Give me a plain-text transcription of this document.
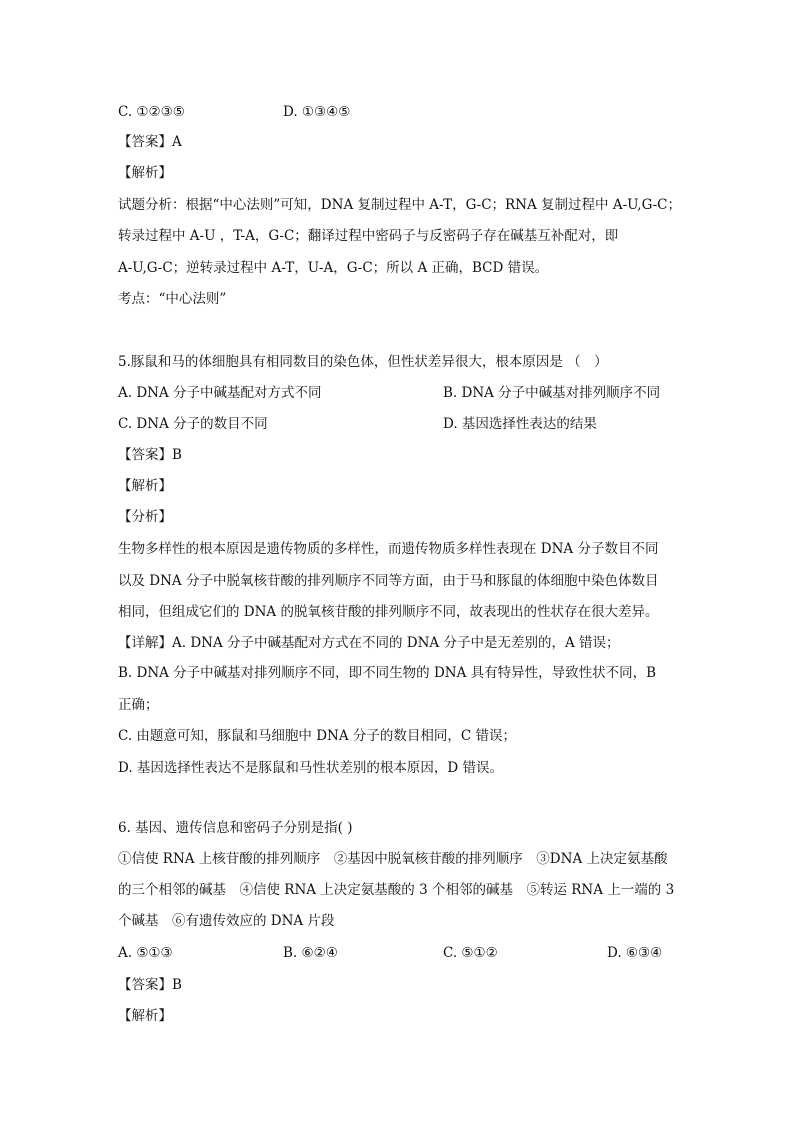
C. ①②③⑤	D. ①③④⑤
【答案】A
【解析】
试题分析：根据“中心法则”可知，DNA 复制过程中 A-T，G-C；RNA 复制过程中 A-U,G-C；
转录过程中 A-U ，T-A，G-C；翻译过程中密码子与反密码子存在碱基互补配对，即
A-U,G-C；逆转录过程中 A-T，U-A，G-C；所以 A 正确，BCD 错误。
考点：“中心法则”
5.豚鼠和马的体细胞具有相同数目的染色体，但性状差异很大，根本原因是 （　）
A. DNA 分子中碱基配对方式不同	B. DNA 分子中碱基对排列顺序不同
C. DNA 分子的数目不同	D. 基因选择性表达的结果
【答案】B
【解析】
【分析】
生物多样性的根本原因是遗传物质的多样性，而遗传物质多样性表现在 DNA 分子数目不同
以及 DNA 分子中脱氧核苷酸的排列顺序不同等方面，由于马和豚鼠的体细胞中染色体数目
相同，但组成它们的 DNA 的脱氧核苷酸的排列顺序不同，故表现出的性状存在很大差异。
【详解】A. DNA 分子中碱基配对方式在不同的 DNA 分子中是无差别的，A 错误；
B. DNA 分子中碱基对排列顺序不同，即不同生物的 DNA 具有特异性，导致性状不同，B
正确；
C. 由题意可知，豚鼠和马细胞中 DNA 分子的数目相同，C 错误；
D. 基因选择性表达不是豚鼠和马性状差别的根本原因，D 错误。
6. 基因、遗传信息和密码子分别是指( )
①信使 RNA 上核苷酸的排列顺序　②基因中脱氧核苷酸的排列顺序　③DNA 上决定氨基酸
的三个相邻的碱基　④信使 RNA 上决定氨基酸的 3 个相邻的碱基　⑤转运 RNA 上一端的 3
个碱基　⑥有遗传效应的 DNA 片段
A. ⑤①③	B. ⑥②④	C. ⑤①②	D. ⑥③④
【答案】B
【解析】
